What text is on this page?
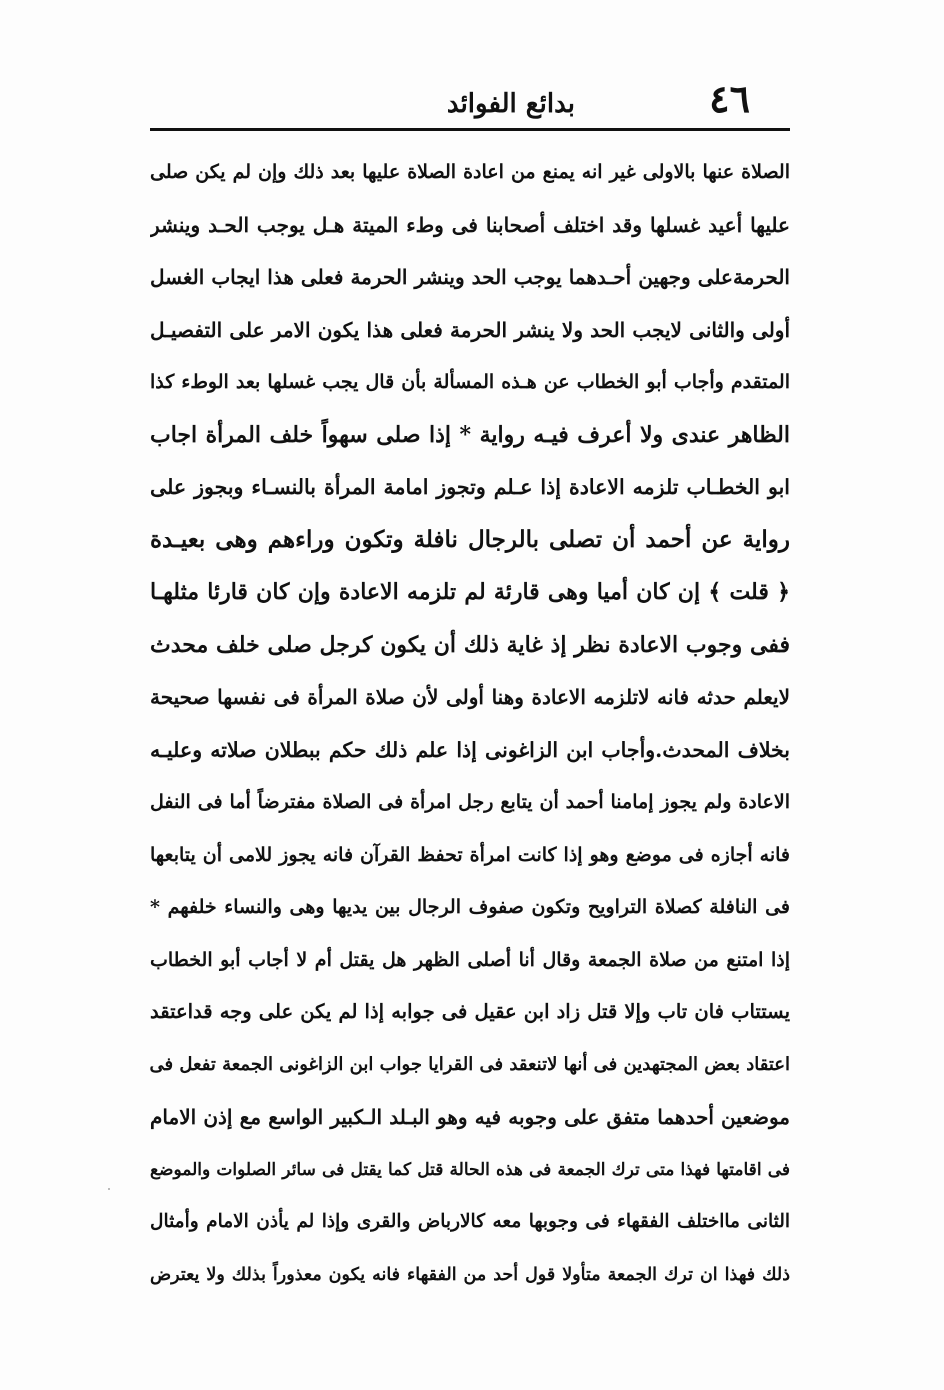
٤٦
بدائع الفوائد
الصلاة عنها بالاولى غير انه يمنع من اعادة الصلاة عليها بعد ذلك وإن لم يكن صلى
عليها أعيد غسلها وقد اختلف أصحابنا فى وطء الميتة هـل يوجب الحـد وينشر
الحرمةعلى وجهين أحـدهما يوجب الحد وينشر الحرمة فعلى هذا ايجاب الغسل
أولى والثانى لايجب الحد ولا ينشر الحرمة فعلى هذا يكون الامر على التفصيـل
المتقدم وأجاب أبو الخطاب عن هـذه المسألة بأن قال يجب غسلها بعد الوطء كذا
الظاهر عندى ولا أعرف فيـه رواية * إذا صلى سهواً خلف المرأة اجاب
ابو الخطـاب تلزمه الاعادة إذا عـلم وتجوز امامة المرأة بالنسـاء وبجوز على
رواية عن أحمد أن تصلى بالرجال نافلة وتكون وراءهم وهى بعيـدة
﴿ قلت ﴾ إن كان أميا وهى قارئة لم تلزمه الاعادة وإن كان قارئا مثلهـا
ففى وجوب الاعادة نظر إذ غاية ذلك أن يكون كرجل صلى خلف محدث
لايعلم حدثه فانه لاتلزمه الاعادة وهنا أولى لأن صلاة المرأة فى نفسها صحيحة
بخلاف المحدث.وأجاب ابن الزاغونى إذا علم ذلك حكم ببطلان صلاته وعليـه
الاعادة ولم يجوز إمامنا أحمد أن يتابع رجل امرأة فى الصلاة مفترضاً أما فى النفل
فانه أجازه فى موضع وهو إذا كانت امرأة تحفظ القرآن فانه يجوز للامى أن يتابعها
فى النافلة كصلاة التراويح وتكون صفوف الرجال بين يديها وهى والنساء خلفهم *
إذا امتنع من صلاة الجمعة وقال أنا أصلى الظهر هل يقتل أم لا أجاب أبو الخطاب
يستتاب فان تاب وإلا قتل زاد ابن عقيل فى جوابه إذا لم يكن على وجه قداعتقد
اعتقاد بعض المجتهدين فى أنها لاتنعقد فى القرايا جواب ابن الزاغونى الجمعة تفعل فى
موضعين أحدهما متفق على وجوبه فيه وهو البـلد الـكبير الواسع مع إذن الامام
فى اقامتها فهذا متى ترك الجمعة فى هذه الحالة قتل كما يقتل فى سائر الصلوات والموضع
الثانى مااختلف الفقهاء فى وجوبها معه كالارباض والقرى وإذا لم يأذن الامام وأمثال
ذلك فهذا ان ترك الجمعة متأولا قول أحد من الفقهاء فانه يكون معذوراً بذلك ولا يعترض
